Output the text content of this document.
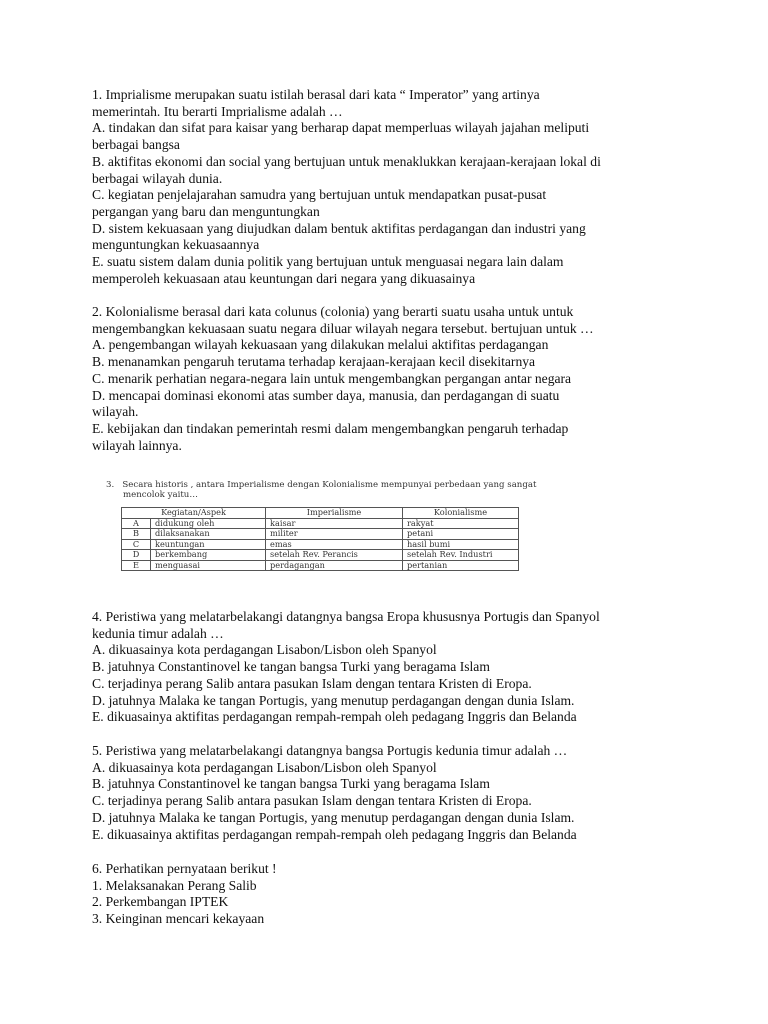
1. Imprialisme merupakan suatu istilah berasal dari kata “ Imperator” yang artinya

memerintah. Itu berarti Imprialisme adalah …

A. tindakan dan sifat para kaisar yang berharap dapat memperluas wilayah jajahan meliputi

berbagai bangsa

B. aktifitas ekonomi dan social yang bertujuan untuk menaklukkan kerajaan-kerajaan lokal di

berbagai wilayah dunia.

C. kegiatan penjelajarahan samudra yang bertujuan untuk mendapatkan pusat-pusat

pergangan yang baru dan menguntungkan

D. sistem kekuasaan yang diujudkan dalam bentuk aktifitas perdagangan dan industri yang

menguntungkan kekuasaannya

E. suatu sistem dalam dunia politik yang bertujuan untuk menguasai negara lain dalam

memperoleh kekuasaan atau keuntungan dari negara yang dikuasainya

2. Kolonialisme berasal dari kata colunus (colonia) yang berarti suatu usaha untuk untuk

mengembangkan kekuasaan suatu negara diluar wilayah negara tersebut. bertujuan untuk …

A. pengembangan wilayah kekuasaan yang dilakukan melalui aktifitas perdagangan

B. menanamkan pengaruh terutama terhadap kerajaan-kerajaan kecil disekitarnya

C. menarik perhatian negara-negara lain untuk mengembangkan pergangan antar negara

D. mencapai dominasi ekonomi atas sumber daya, manusia, dan perdagangan di suatu

wilayah.

E. kebijakan dan tindakan pemerintah resmi dalam mengembangkan pengaruh terhadap

wilayah lainnya.

3. Secara historis , antara Imperialisme dengan Kolonialisme mempunyai perbedaan yang sangat
mencolok yaitu…
Kegiatan/Aspek		Imperialisme	Kolonialisme
A	didukung oleh	kaisar	rakyat
B	dilaksanakan	militer	petani
C	keuntungan	emas	hasil bumi
D	berkembang	setelah Rev. Perancis	setelah Rev. Industri
E	menguasai	perdagangan	pertanian

4. Peristiwa yang melatarbelakangi datangnya bangsa Eropa khususnya Portugis dan Spanyol

kedunia timur adalah …

A. dikuasainya kota perdagangan Lisabon/Lisbon oleh Spanyol

B. jatuhnya Constantinovel ke tangan bangsa Turki yang beragama Islam

C. terjadinya perang Salib antara pasukan Islam dengan tentara Kristen di Eropa.

D. jatuhnya Malaka ke tangan Portugis, yang menutup perdagangan dengan dunia Islam.

E. dikuasainya aktifitas perdagangan rempah-rempah oleh pedagang Inggris dan Belanda

5. Peristiwa yang melatarbelakangi datangnya bangsa Portugis kedunia timur adalah …

A. dikuasainya kota perdagangan Lisabon/Lisbon oleh Spanyol

B. jatuhnya Constantinovel ke tangan bangsa Turki yang beragama Islam

C. terjadinya perang Salib antara pasukan Islam dengan tentara Kristen di Eropa.

D. jatuhnya Malaka ke tangan Portugis, yang menutup perdagangan dengan dunia Islam.

E. dikuasainya aktifitas perdagangan rempah-rempah oleh pedagang Inggris dan Belanda

6. Perhatikan pernyataan berikut !

1. Melaksanakan Perang Salib

2. Perkembangan IPTEK

3. Keinginan mencari kekayaan
